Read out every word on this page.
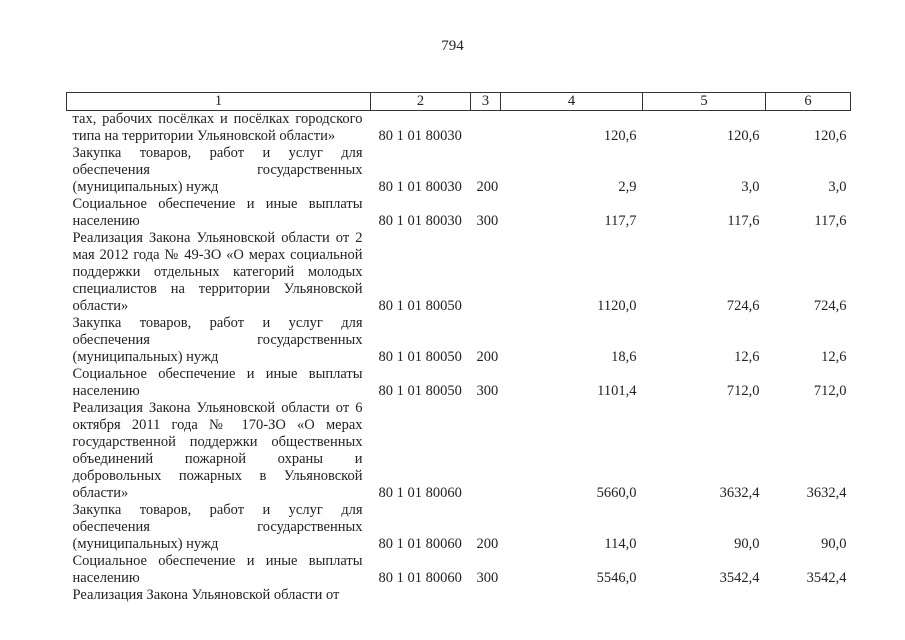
794
1	2	3	4	5	6
тах, рабочих посёлках и посёлках городского типа на территории Ульяновской области»	80 1 01 80030		120,6	120,6	120,6
Закупка товаров, работ и услуг для обеспечения государственных (муниципальных) нужд	80 1 01 80030	200	2,9	3,0	3,0
Социальное обеспечение и иные выплаты населению	80 1 01 80030	300	117,7	117,6	117,6
Реализация Закона Ульяновской области от 2 мая 2012 года № 49-ЗО «О мерах социальной поддержки отдельных категорий молодых специалистов на территории Ульяновской области»	80 1 01 80050		1120,0	724,6	724,6
Закупка товаров, работ и услуг для обеспечения государственных (муниципальных) нужд	80 1 01 80050	200	18,6	12,6	12,6
Социальное обеспечение и иные выплаты населению	80 1 01 80050	300	1101,4	712,0	712,0
Реализация Закона Ульяновской области от 6 октября 2011 года № 170-ЗО «О мерах государственной поддержки общественных объединений пожарной охраны и добровольных пожарных в Ульяновской области»	80 1 01 80060		5660,0	3632,4	3632,4
Закупка товаров, работ и услуг для обеспечения государственных (муниципальных) нужд	80 1 01 80060	200	114,0	90,0	90,0
Социальное обеспечение и иные выплаты населению	80 1 01 80060	300	5546,0	3542,4	3542,4
Реализация Закона Ульяновской области от					
